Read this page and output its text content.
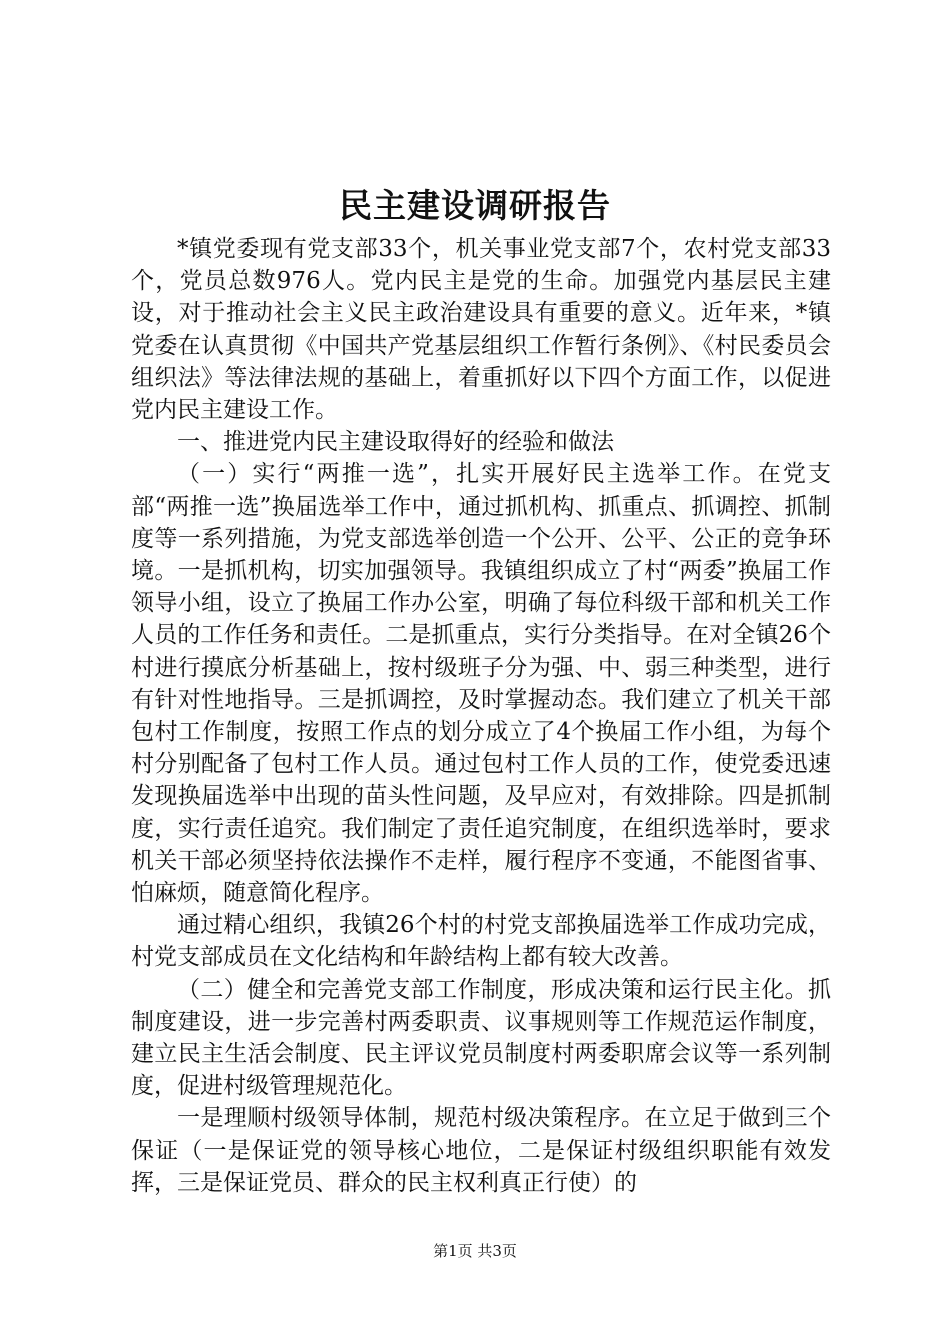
民主建设调研报告

*镇党委现有党支部33个，机关事业党支部7个，农村党支部33个，党员总数976人。党内民主是党的生命。加强党内基层民主建设，对于推动社会主义民主政治建设具有重要的意义。近年来，*镇党委在认真贯彻《中国共产党基层组织工作暂行条例》、《村民委员会组织法》等法律法规的基础上，着重抓好以下四个方面工作，以促进党内民主建设工作。

一、推进党内民主建设取得好的经验和做法

（一）实行“两推一选”，扎实开展好民主选举工作。在党支部“两推一选”换届选举工作中，通过抓机构、抓重点、抓调控、抓制度等一系列措施，为党支部选举创造一个公开、公平、公正的竞争环境。一是抓机构，切实加强领导。我镇组织成立了村“两委”换届工作领导小组，设立了换届工作办公室，明确了每位科级干部和机关工作人员的工作任务和责任。二是抓重点，实行分类指导。在对全镇26个村进行摸底分析基础上，按村级班子分为强、中、弱三种类型，进行有针对性地指导。三是抓调控，及时掌握动态。我们建立了机关干部包村工作制度，按照工作点的划分成立了4个换届工作小组，为每个村分别配备了包村工作人员。通过包村工作人员的工作，使党委迅速发现换届选举中出现的苗头性问题，及早应对，有效排除。四是抓制度，实行责任追究。我们制定了责任追究制度，在组织选举时，要求机关干部必须坚持依法操作不走样，履行程序不变通，不能图省事、怕麻烦，随意简化程序。

通过精心组织，我镇26个村的村党支部换届选举工作成功完成，村党支部成员在文化结构和年龄结构上都有较大改善。

（二）健全和完善党支部工作制度，形成决策和运行民主化。抓制度建设，进一步完善村两委职责、议事规则等工作规范运作制度，建立民主生活会制度、民主评议党员制度村两委职席会议等一系列制度，促进村级管理规范化。

一是理顺村级领导体制，规范村级决策程序。在立足于做到三个保证（一是保证党的领导核心地位，二是保证村级组织职能有效发挥，三是保证党员、群众的民主权利真正行使）的

第1页 共3页
